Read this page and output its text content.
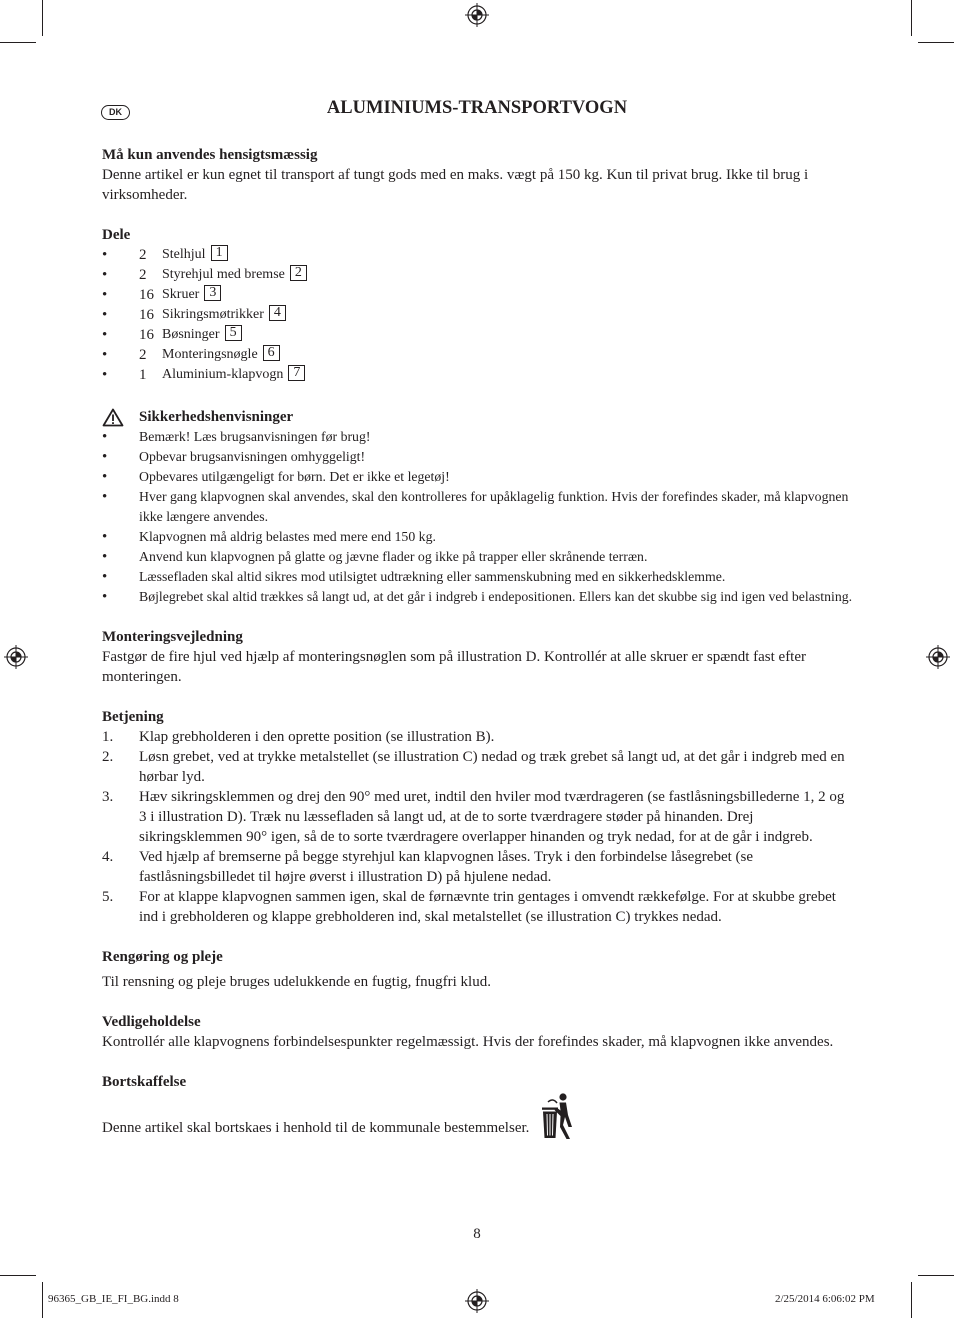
DK	ALUMINIUMS-TRANSPORTVOGN
Må kun anvendes hensigtsmæssig

Denne artikel er kun egnet til transport af tungt gods med en maks. vægt på 150 kg. Kun til privat brug. Ikke til brug i virksomheder.

Dele
•	2	Stelhjul 1
•	2	Styrehjul med bremse 2
•	16 Skruer 3
•	16 Sikringsmøtrikker 4
•	16 Bøsninger 5
•	2	Monteringsnøgle 6
•	1	Aluminium-klapvogn 7
Sikkerhedshenvisninger
•	Bemærk! Læs brugsanvisningen før brug!
•	Opbevar brugsanvisningen omhyggeligt!
•	Opbevares utilgængeligt for børn. Det er ikke et legetøj!
•	Hver gang klapvognen skal anvendes, skal den kontrolleres for upåklagelig funktion. Hvis der forefindes skader, må klapvognen ikke længere anvendes.
•	Klapvognen må aldrig belastes med mere end 150 kg.
•	Anvend kun klapvognen på glatte og jævne flader og ikke på trapper eller skrånende terræn.
•	Læssefladen skal altid sikres mod utilsigtet udtrækning eller sammenskubning med en sikkerhedsklemme.
•	Bøjlegrebet skal altid trækkes så langt ud, at det går i indgreb i endepositionen. Ellers kan det skubbe sig ind igen ved belastning.
Monteringsvejledning

Fastgør de fire hjul ved hjælp af monteringsnøglen som på illustration D. Kontrollér at alle skruer er spændt fast efter monteringen.

Betjening
1.	Klap grebholderen i den oprette position (se illustration B).
2.	Løsn grebet, ved at trykke metalstellet (se illustration C) nedad og træk grebet så langt ud, at det går i indgreb med en hørbar lyd.
3.	Hæv sikringsklemmen og drej den 90° med uret, indtil den hviler mod tværdrageren (se fastlåsningsbillederne 1, 2 og 3 i illustration D). Træk nu læssefladen så langt ud, at de to sorte tværdragere støder på hinanden. Drej sikringsklemmen 90° igen, så de to sorte tværdragere overlapper hinanden og tryk nedad, for at de går i indgreb.
4.	Ved hjælp af bremserne på begge styrehjul kan klapvognen låses. Tryk i den forbindelse låsegrebet (se fastlåsningsbilledet til højre øverst i illustration D) på hjulene nedad.
5.	For at klappe klapvognen sammen igen, skal de førnævnte trin gentages i omvendt rækkefølge. For at skubbe grebet ind i grebholderen og klappe grebholderen ind, skal metalstellet (se illustration C) trykkes nedad.
Rengøring og pleje

Til rensning og pleje bruges udelukkende en fugtig, fnugfri klud.

Vedligeholdelse

Kontrollér alle klapvognens forbindelsespunkter regelmæssigt. Hvis der forefindes skader, må klapvognen ikke anvendes.

Bortskaffelse
Denne artikel skal bortskaes i henhold til de kommunale bestemmelser.
8
96365_GB_IE_FI_BG.indd 8	2/25/2014 6:06:02 PM
